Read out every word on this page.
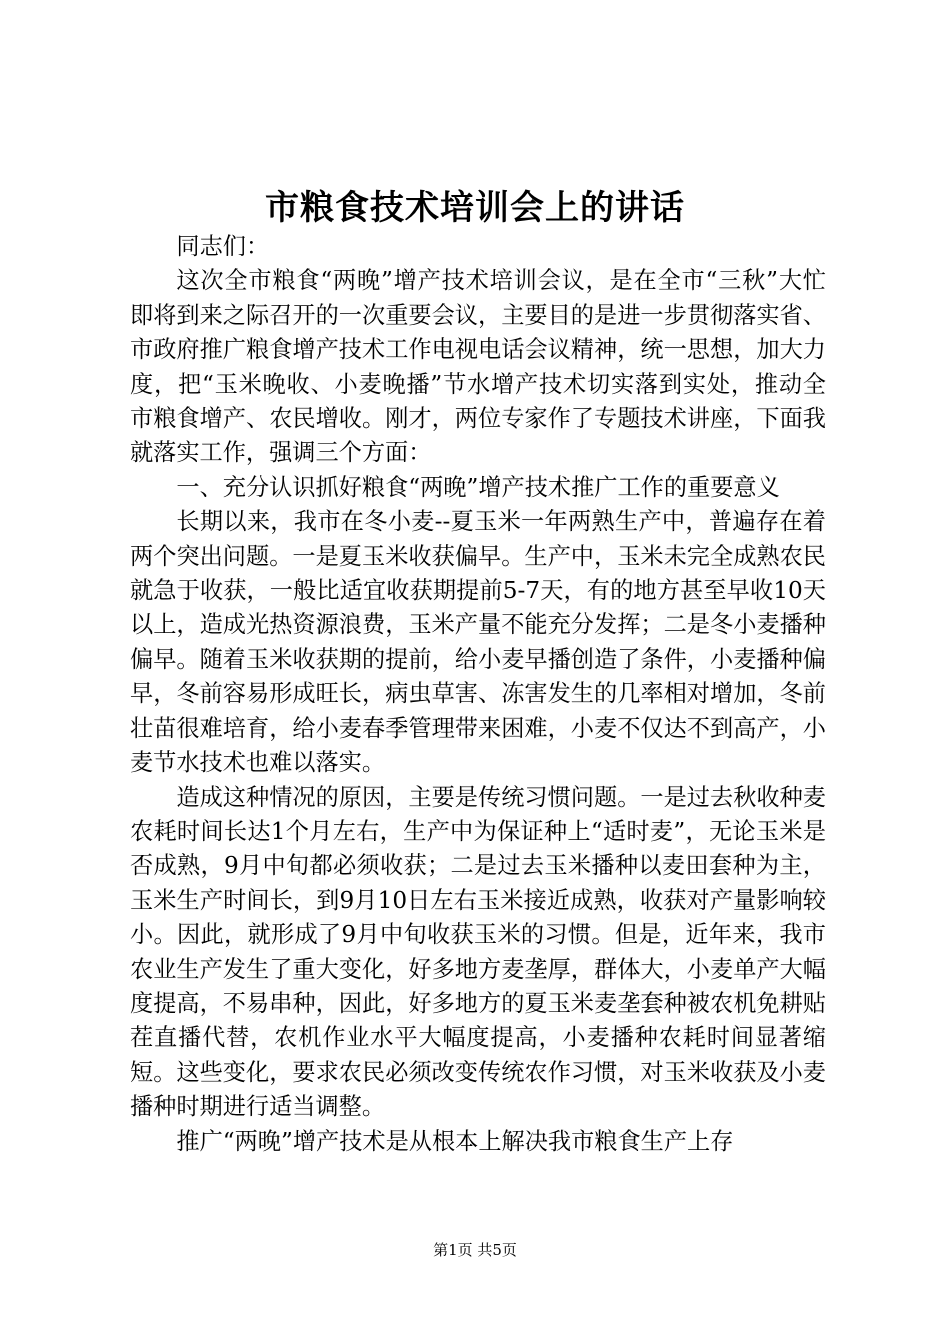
市粮食技术培训会上的讲话

同志们：

这次全市粮食“两晚”增产技术培训会议，是在全市“三秋”大忙即将到来之际召开的一次重要会议，主要目的是进一步贯彻落实省、市政府推广粮食增产技术工作电视电话会议精神，统一思想，加大力度，把“玉米晚收、小麦晚播”节水增产技术切实落到实处，推动全市粮食增产、农民增收。刚才，两位专家作了专题技术讲座，下面我就落实工作，强调三个方面：

一、充分认识抓好粮食“两晚”增产技术推广工作的重要意义

长期以来，我市在冬小麦--夏玉米一年两熟生产中，普遍存在着两个突出问题。一是夏玉米收获偏早。生产中，玉米未完全成熟农民就急于收获，一般比适宜收获期提前5-7天，有的地方甚至早收10天以上，造成光热资源浪费，玉米产量不能充分发挥；二是冬小麦播种偏早。随着玉米收获期的提前，给小麦早播创造了条件，小麦播种偏早，冬前容易形成旺长，病虫草害、冻害发生的几率相对增加，冬前壮苗很难培育，给小麦春季管理带来困难，小麦不仅达不到高产，小麦节水技术也难以落实。

造成这种情况的原因，主要是传统习惯问题。一是过去秋收种麦农耗时间长达1个月左右，生产中为保证种上“适时麦”，无论玉米是否成熟，9月中旬都必须收获；二是过去玉米播种以麦田套种为主，玉米生产时间长，到9月10日左右玉米接近成熟，收获对产量影响较小。因此，就形成了9月中旬收获玉米的习惯。但是，近年来，我市农业生产发生了重大变化，好多地方麦垄厚，群体大，小麦单产大幅度提高，不易串种，因此，好多地方的夏玉米麦垄套种被农机免耕贴茬直播代替，农机作业水平大幅度提高，小麦播种农耗时间显著缩短。这些变化，要求农民必须改变传统农作习惯，对玉米收获及小麦播种时期进行适当调整。

推广“两晚”增产技术是从根本上解决我市粮食生产上存

第1页 共5页
